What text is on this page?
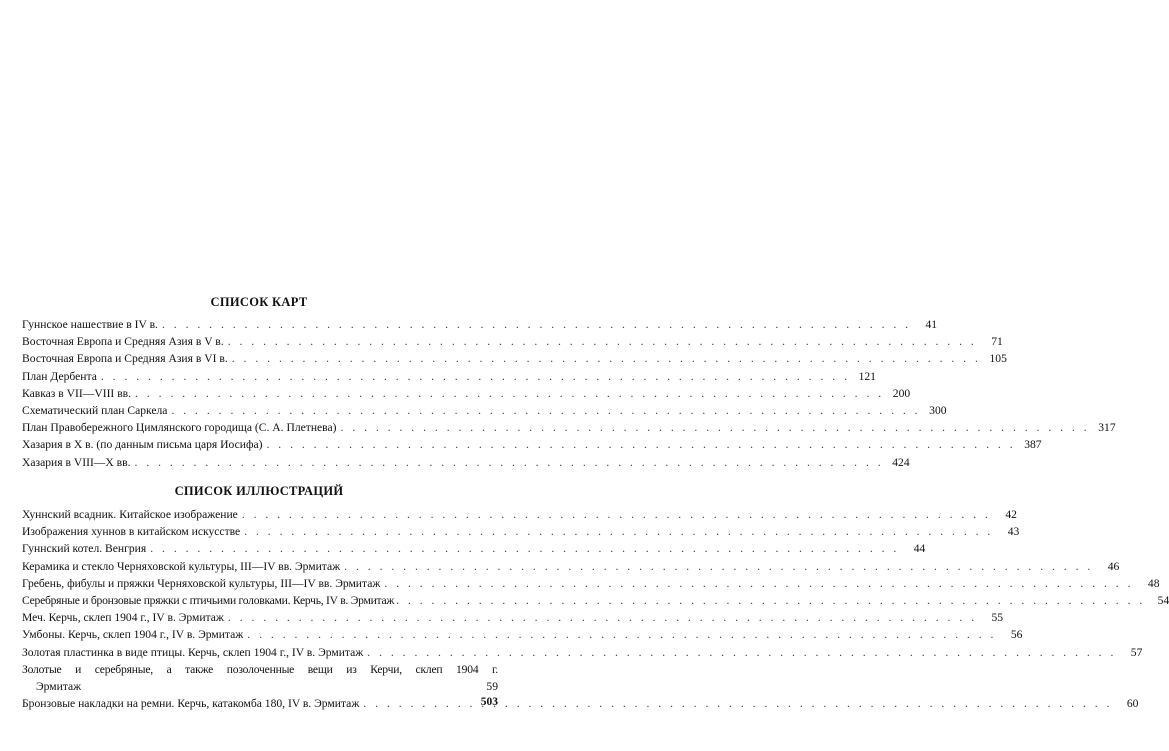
СПИСОК КАРТ
Гуннское нашествие в IV в. . . .	41
Восточная Европа и Средняя Азия в V в. . . .	71
Восточная Европа и Средняя Азия в VI в. . . .	105
План Дербента . . .	121
Кавказ в VII—VIII вв. . . .	200
Схематический план Саркела . . .	300
План Правобережного Цимлянского городища (С. А. Плетнева) . . .	317
Хазария в X в. (по данным письма царя Иосифа) . . .	387
Хазария в VIII—X вв. . . .	424
СПИСОК ИЛЛЮСТРАЦИЙ
Хуннский всадник. Китайское изображение . . .	42
Изображения хуннов в китайском искусстве . . .	43
Гуннский котел. Венгрия . . .	44
Керамика и стекло Черняховской культуры, III—IV вв. Эрмитаж . . .	46
Гребень, фибулы и пряжки Черняховской культуры, III—IV вв. Эрмитаж . . .	48
Серебряные и бронзовые пряжки с птичьими головками. Керчь, IV в. Эрмитаж . . .	54
Меч. Керчь, склеп 1904 г., IV в. Эрмитаж . . .	55
Умбоны. Керчь, склеп 1904 г., IV в. Эрмитаж . . .	56
Золотая пластинка в виде птицы. Керчь, склеп 1904 г., IV в. Эрмитаж . . .	57
Золотые и серебряные, а также позолоченные вещи из Керчи, склеп 1904 г.
Эрмитаж	59
Бронзовые накладки на ремни. Керчь, катакомба 180, IV в. Эрмитаж . . .	60
503
